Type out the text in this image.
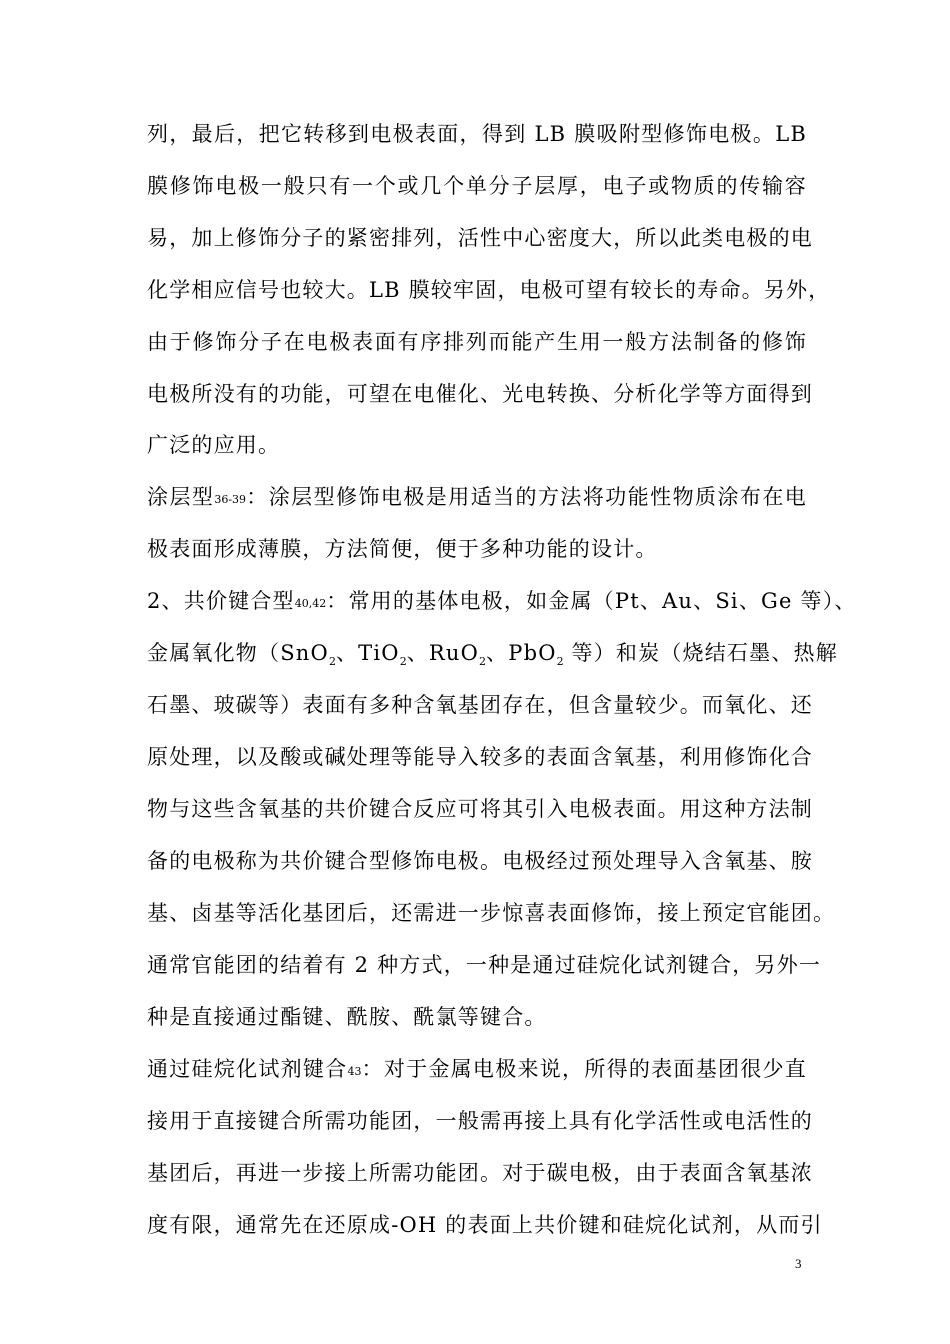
列，最后，把它转移到电极表面，得到 LB 膜吸附型修饰电极。LB
膜修饰电极一般只有一个或几个单分子层厚，电子或物质的传输容
易，加上修饰分子的紧密排列，活性中心密度大，所以此类电极的电
化学相应信号也较大。LB 膜较牢固，电极可望有较长的寿命。另外，
由于修饰分子在电极表面有序排列而能产生用一般方法制备的修饰
电极所没有的功能，可望在电催化、光电转换、分析化学等方面得到
广泛的应用。
涂层型36-39：涂层型修饰电极是用适当的方法将功能性物质涂布在电
极表面形成薄膜，方法简便，便于多种功能的设计。
2、共价键合型40,42：常用的基体电极，如金属（Pt、Au、Si、Ge 等）、
金属氧化物（SnO$_2$、TiO$_2$、RuO$_2$、PbO$_2$ 等）和炭（烧结石墨、热解
石墨、玻碳等）表面有多种含氧基团存在，但含量较少。而氧化、还
原处理，以及酸或碱处理等能导入较多的表面含氧基，利用修饰化合
物与这些含氧基的共价键合反应可将其引入电极表面。用这种方法制
备的电极称为共价键合型修饰电极。电极经过预处理导入含氧基、胺
基、卤基等活化基团后，还需进一步惊喜表面修饰，接上预定官能团。
通常官能团的结着有 2 种方式，一种是通过硅烷化试剂键合，另外一
种是直接通过酯键、酰胺、酰氯等键合。
通过硅烷化试剂键合43：对于金属电极来说，所得的表面基团很少直
接用于直接键合所需功能团，一般需再接上具有化学活性或电活性的
基团后，再进一步接上所需功能团。对于碳电极，由于表面含氧基浓
度有限，通常先在还原成-OH 的表面上共价键和硅烷化试剂，从而引
3
